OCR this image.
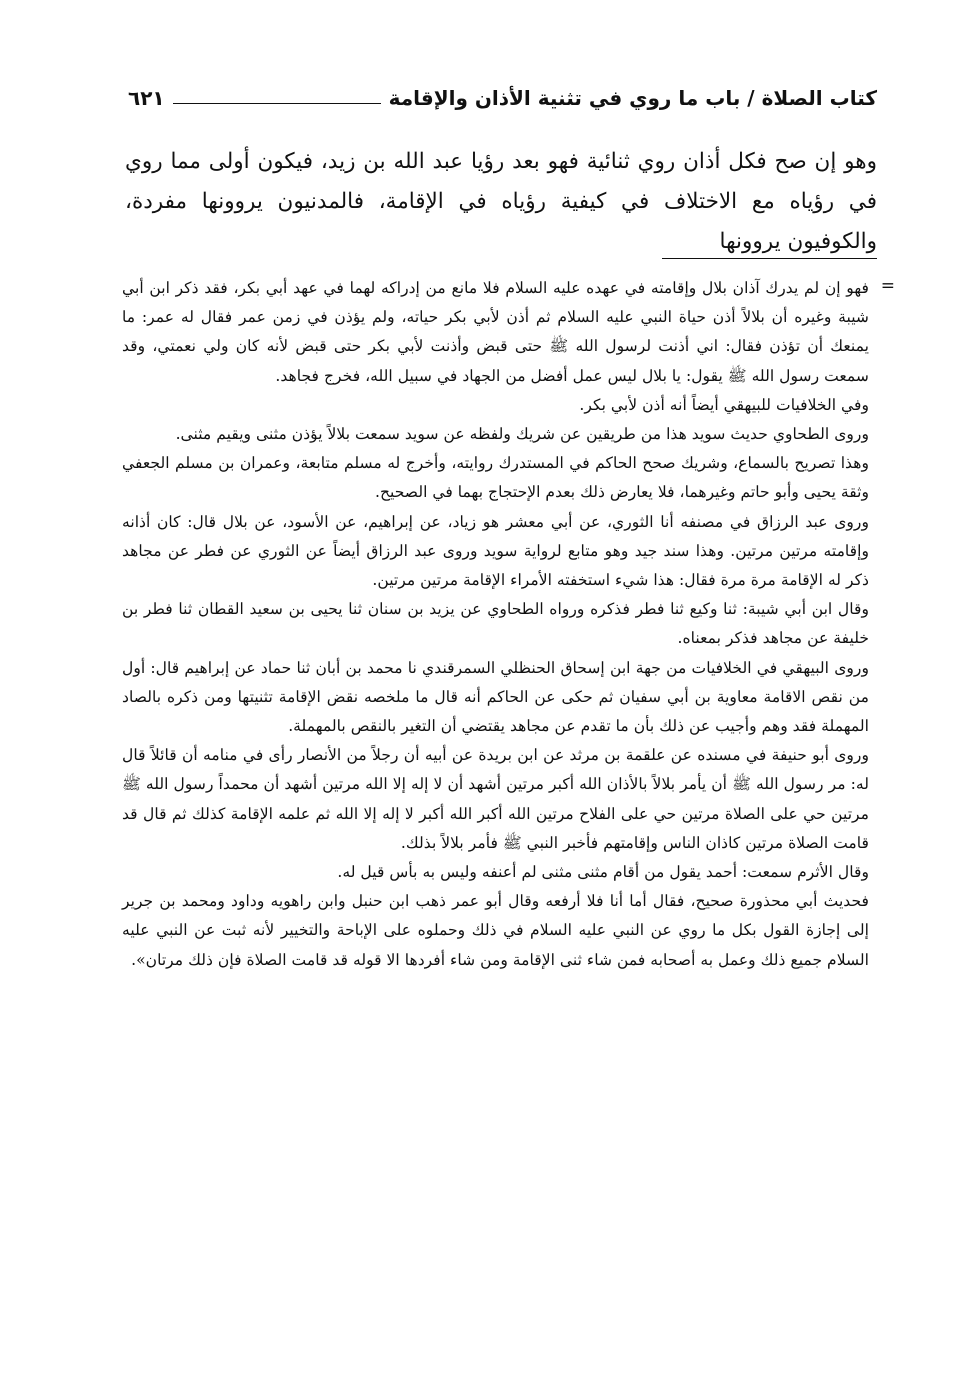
كتاب الصلاة / باب ما روي في تثنية الأذان والإقامة
٦٢١

وهو إن صح فكل أذان روي ثنائية فهو بعد رؤيا عبد الله بن زيد، فيكون أولى مما روي في رؤياه مع الاختلاف في كيفية رؤياه في الإقامة، فالمدنيون يروونها مفردة، والكوفيون يروونها

=

فهو إن لم يدرك آذان بلال وإقامته في عهده عليه السلام فلا مانع من إدراكه لهما في عهد أبي بكر، فقد ذكر ابن أبي شيبة وغيره أن بلالاً أذن حياة النبي عليه السلام ثم أذن لأبي بكر حياته، ولم يؤذن في زمن عمر فقال له عمر: ما يمنعك أن تؤذن فقال: اني أذنت لرسول الله ﷺ حتى قبض وأذنت لأبي بكر حتى قبض لأنه كان ولي نعمتي، وقد سمعت رسول الله ﷺ يقول: يا بلال ليس عمل أفضل من الجهاد في سبيل الله، فخرج فجاهد.

وفي الخلافيات للبيهقي أيضاً أنه أذن لأبي بكر.

وروى الطحاوي حديث سويد هذا من طريقين عن شريك ولفظه عن سويد سمعت بلالاً يؤذن مثنى ويقيم مثنى.

وهذا تصريح بالسماع، وشريك صحح الحاكم في المستدرك روايته، وأخرج له مسلم متابعة، وعمران بن مسلم الجعفي وثقة يحيى وأبو حاتم وغيرهما، فلا يعارض ذلك بعدم الإحتجاج بهما في الصحيح.

وروى عبد الرزاق في مصنفه أنا الثوري، عن أبي معشر هو زياد، عن إبراهيم، عن الأسود، عن بلال قال: كان أذانه وإقامته مرتين مرتين. وهذا سند جيد وهو متابع لرواية سويد وروى عبد الرزاق أيضاً عن الثوري عن فطر عن مجاهد ذكر له الإقامة مرة مرة فقال: هذا شيء استخفته الأمراء الإقامة مرتين مرتين.

وقال ابن أبي شيبة: ثنا وكيع ثنا فطر فذكره ورواه الطحاوي عن يزيد بن سنان ثنا يحيى بن سعيد القطان ثنا فطر بن خليفة عن مجاهد فذكر بمعناه.

وروى البيهقي في الخلافيات من جهة ابن إسحاق الحنظلي السمرقندي نا محمد بن أبان ثنا حماد عن إبراهيم قال: أول من نقص الاقامة معاوية بن أبي سفيان ثم حكى عن الحاكم أنه قال ما ملخصه نقض الإقامة تثنيتها ومن ذكره بالصاد المهملة فقد وهم وأجيب عن ذلك بأن ما تقدم عن مجاهد يقتضي أن التغير بالنقص بالمهملة.

وروى أبو حنيفة في مسنده عن علقمة بن مرثد عن ابن بريدة عن أبيه أن رجلاً من الأنصار رأى في منامه أن قائلاً قال له: مر رسول الله ﷺ أن يأمر بلالاً بالأذان الله أكبر مرتين أشهد أن لا إله إلا الله مرتين أشهد أن محمداً رسول الله ﷺ مرتين حي على الصلاة مرتين حي على الفلاح مرتين الله أكبر الله أكبر لا إله إلا الله ثم علمه الإقامة كذلك ثم قال قد قامت الصلاة مرتين كاذان الناس وإقامتهم فأخبر النبي ﷺ فأمر بلالاً بذلك.

وقال الأثرم سمعت: أحمد يقول من أقام مثنى مثنى لم أعنفه وليس به بأس قيل له.

فحديث أبي محذورة صحيح، فقال أما أنا فلا أرفعه وقال أبو عمر ذهب ابن حنبل وابن راهويه وداود ومحمد بن جرير إلى إجازة القول بكل ما روي عن النبي عليه السلام في ذلك وحملوه على الإباحة والتخيير لأنه ثبت عن النبي عليه السلام جميع ذلك وعمل به أصحابه فمن شاء ثنى الإقامة ومن شاء أفردها الا قوله قد قامت الصلاة فإن ذلك مرتان».
